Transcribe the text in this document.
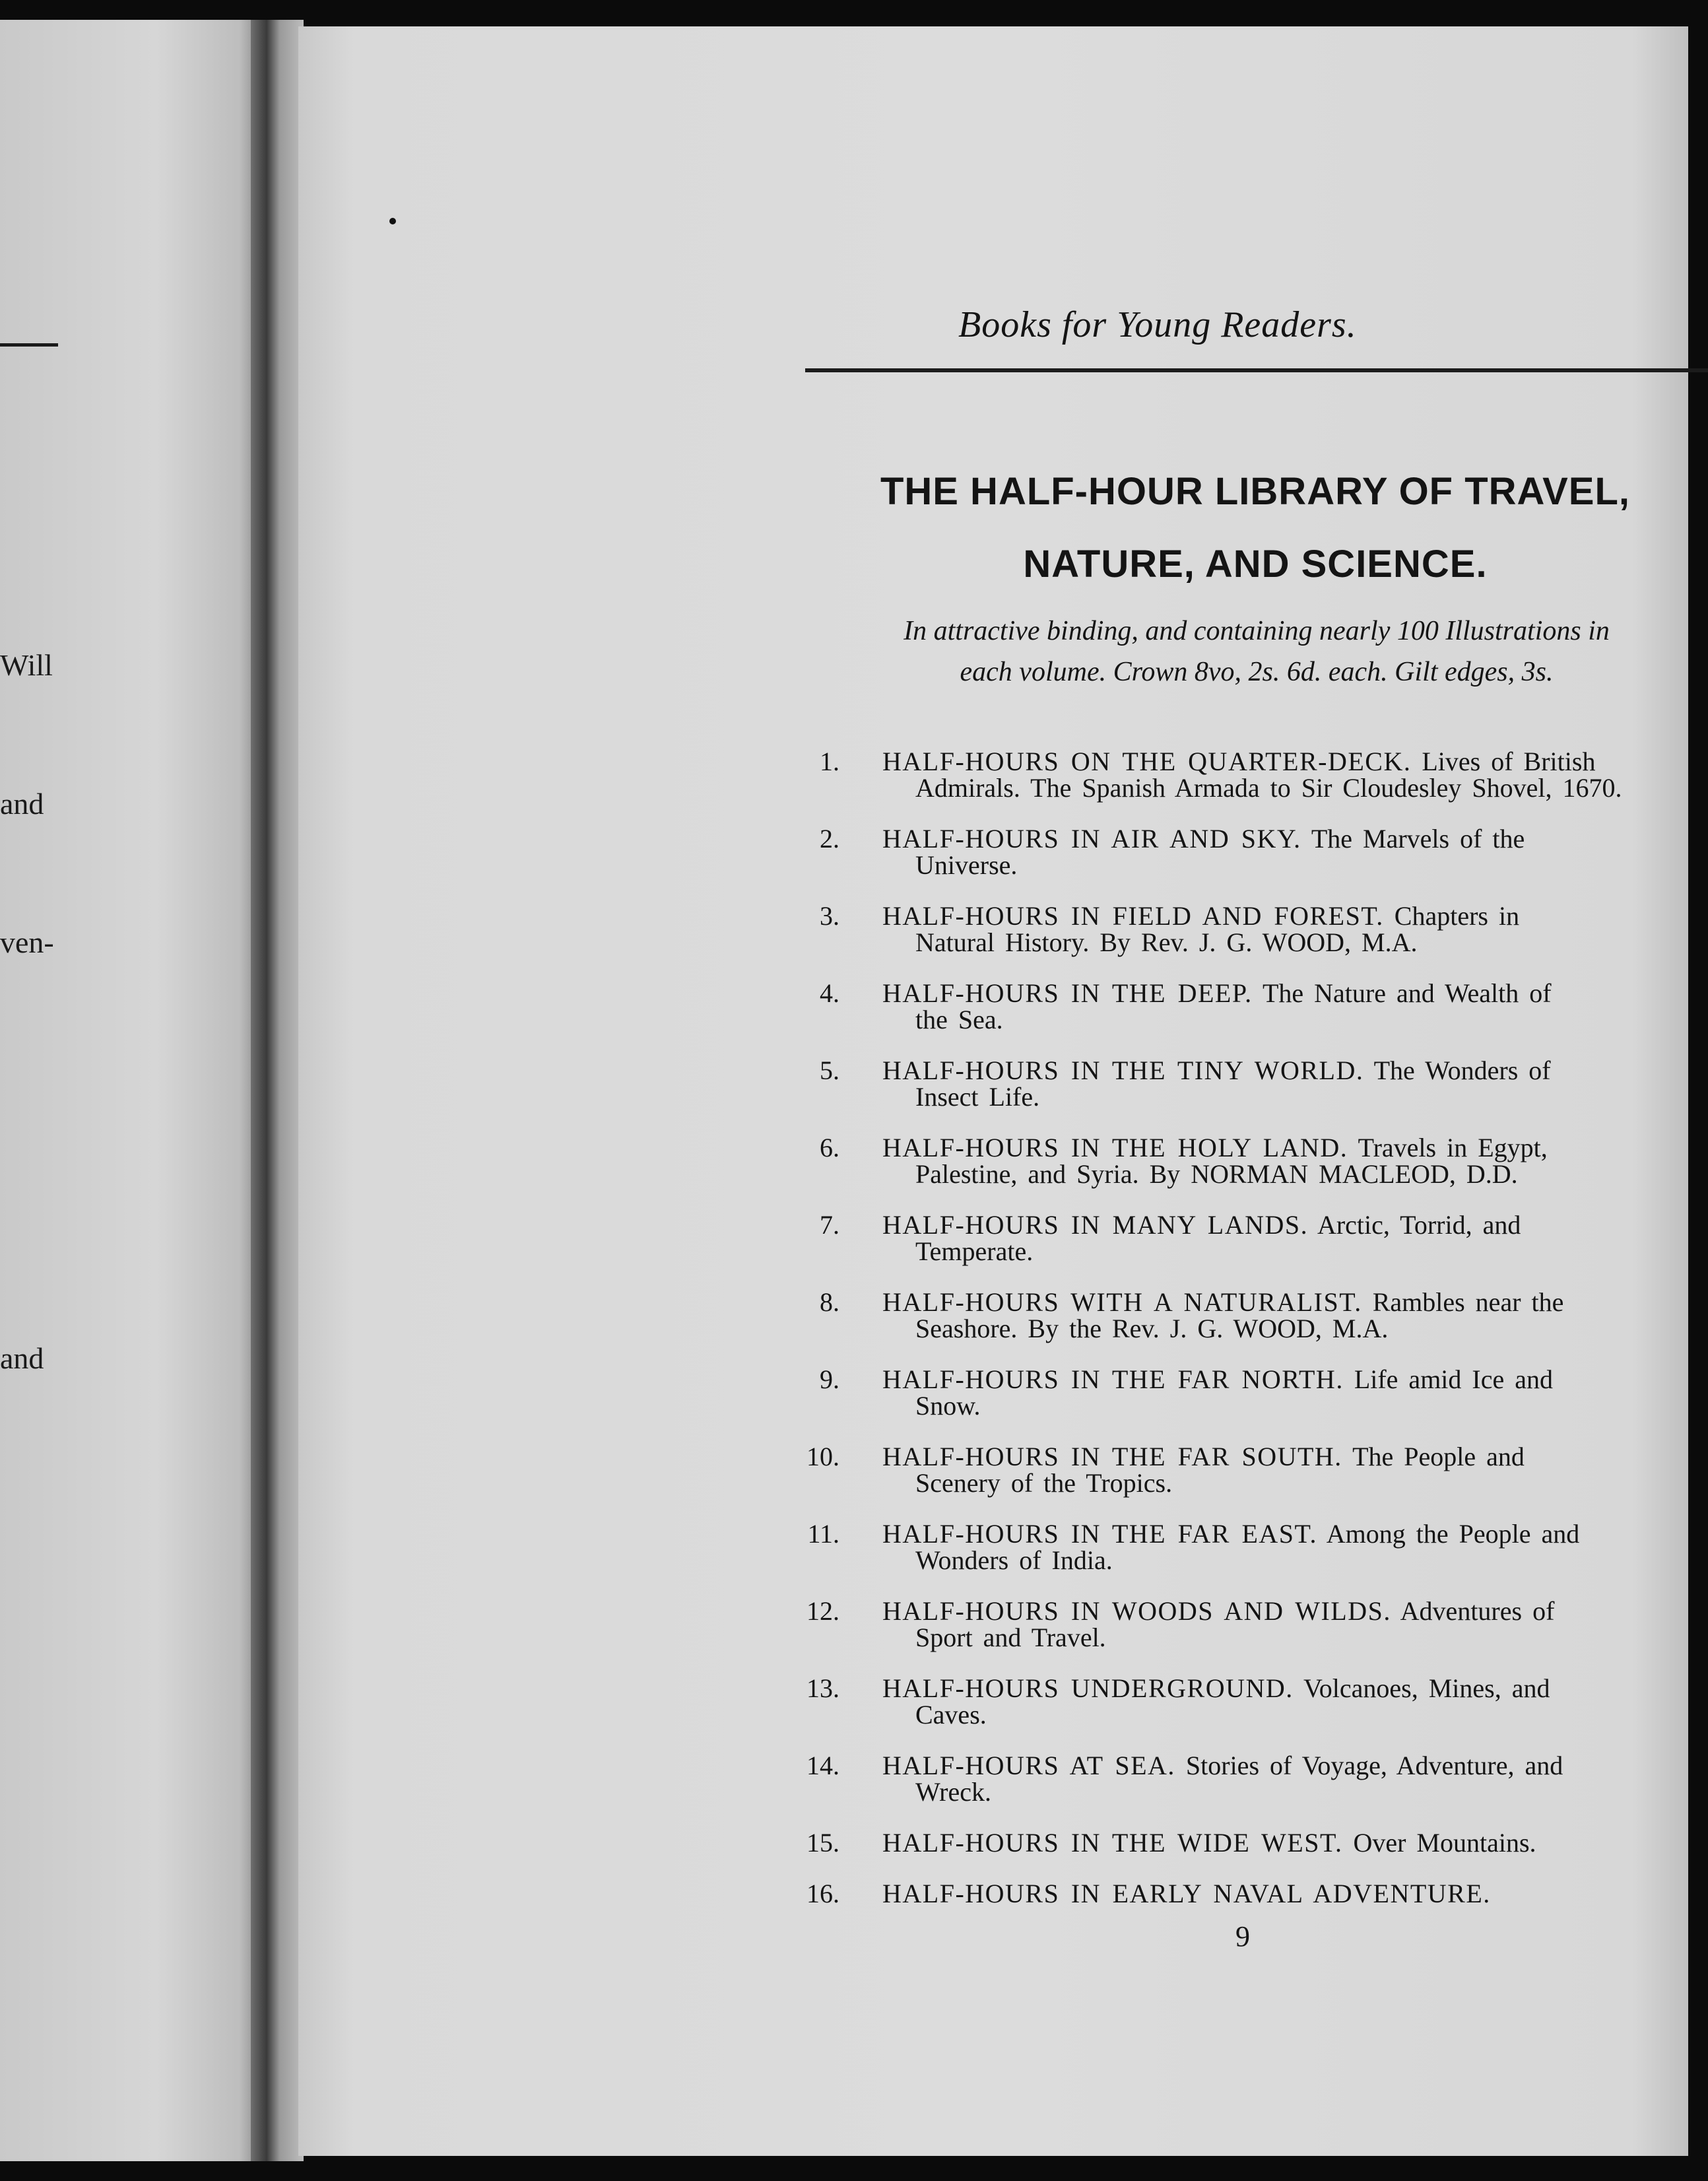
Will
and
ven-
and
Books for Young Readers.
THE HALF-HOUR LIBRARY OF TRAVEL,
NATURE, AND SCIENCE.
In attractive binding, and containing nearly 100 Illustrations in
each volume. Crown 8vo, 2s. 6d. each. Gilt edges, 3s.
1. HALF-HOURS ON THE QUARTER-DECK. Lives of British
Admirals. The Spanish Armada to Sir Cloudesley Shovel, 1670.
2. HALF-HOURS IN AIR AND SKY. The Marvels of the
Universe.
3. HALF-HOURS IN FIELD AND FOREST. Chapters in
Natural History. By Rev. J. G. WOOD, M.A.
4. HALF-HOURS IN THE DEEP. The Nature and Wealth of
the Sea.
5. HALF-HOURS IN THE TINY WORLD. The Wonders of
Insect Life.
6. HALF-HOURS IN THE HOLY LAND. Travels in Egypt,
Palestine, and Syria. By NORMAN MACLEOD, D.D.
7. HALF-HOURS IN MANY LANDS. Arctic, Torrid, and
Temperate.
8. HALF-HOURS WITH A NATURALIST. Rambles near the
Seashore. By the Rev. J. G. WOOD, M.A.
9. HALF-HOURS IN THE FAR NORTH. Life amid Ice and
Snow.
10. HALF-HOURS IN THE FAR SOUTH. The People and
Scenery of the Tropics.
11. HALF-HOURS IN THE FAR EAST. Among the People and
Wonders of India.
12. HALF-HOURS IN WOODS AND WILDS. Adventures of
Sport and Travel.
13. HALF-HOURS UNDERGROUND. Volcanoes, Mines, and
Caves.
14. HALF-HOURS AT SEA. Stories of Voyage, Adventure, and
Wreck.
15. HALF-HOURS IN THE WIDE WEST. Over Mountains.
16. HALF-HOURS IN EARLY NAVAL ADVENTURE.
9
